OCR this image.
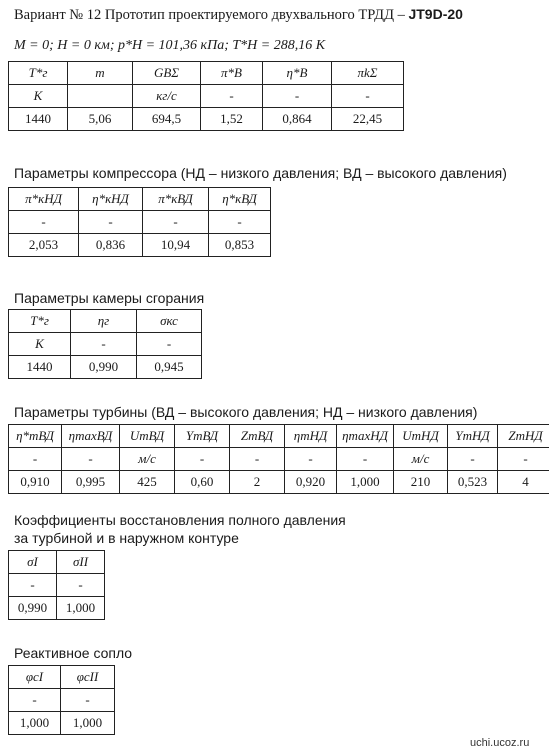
Вариант № 12 Прототип проектируемого двухвального ТРДД – JT9D-20
M = 0; H = 0 км; p*Н = 101,36 кПа; T*Н = 288,16 К
T*г	m	GВΣ	π*В	η*В	πkΣ
К		кг/с	-	-	-
1440	5,06	694,5	1,52	0,864	22,45
Параметры компрессора (НД – низкого давления; ВД – высокого давления)
π*кНД	η*кНД	π*кВД	η*кВД
-	-	-	-
2,053	0,836	10,94	0,853
Параметры камеры сгорания
T*г	ηг	σкс
К	-	-
1440	0,990	0,945
Параметры турбины (ВД – высокого давления; НД – низкого давления)
η*тВД	ηmахВД	UтВД	YтВД	ZтВД	ηтНД	ηmахНД	UтНД	YтНД	ZтНД
-	-	м/с	-	-	-	-	м/с	-	-
0,910	0,995	425	0,60	2	0,920	1,000	210	0,523	4
Коэффициенты восстановления полного давления
за турбиной и в наружном контуре
σI	σII
-	-
0,990	1,000
Реактивное сопло
φcI	φcII
-	-
1,000	1,000
uchi.ucoz.ru
